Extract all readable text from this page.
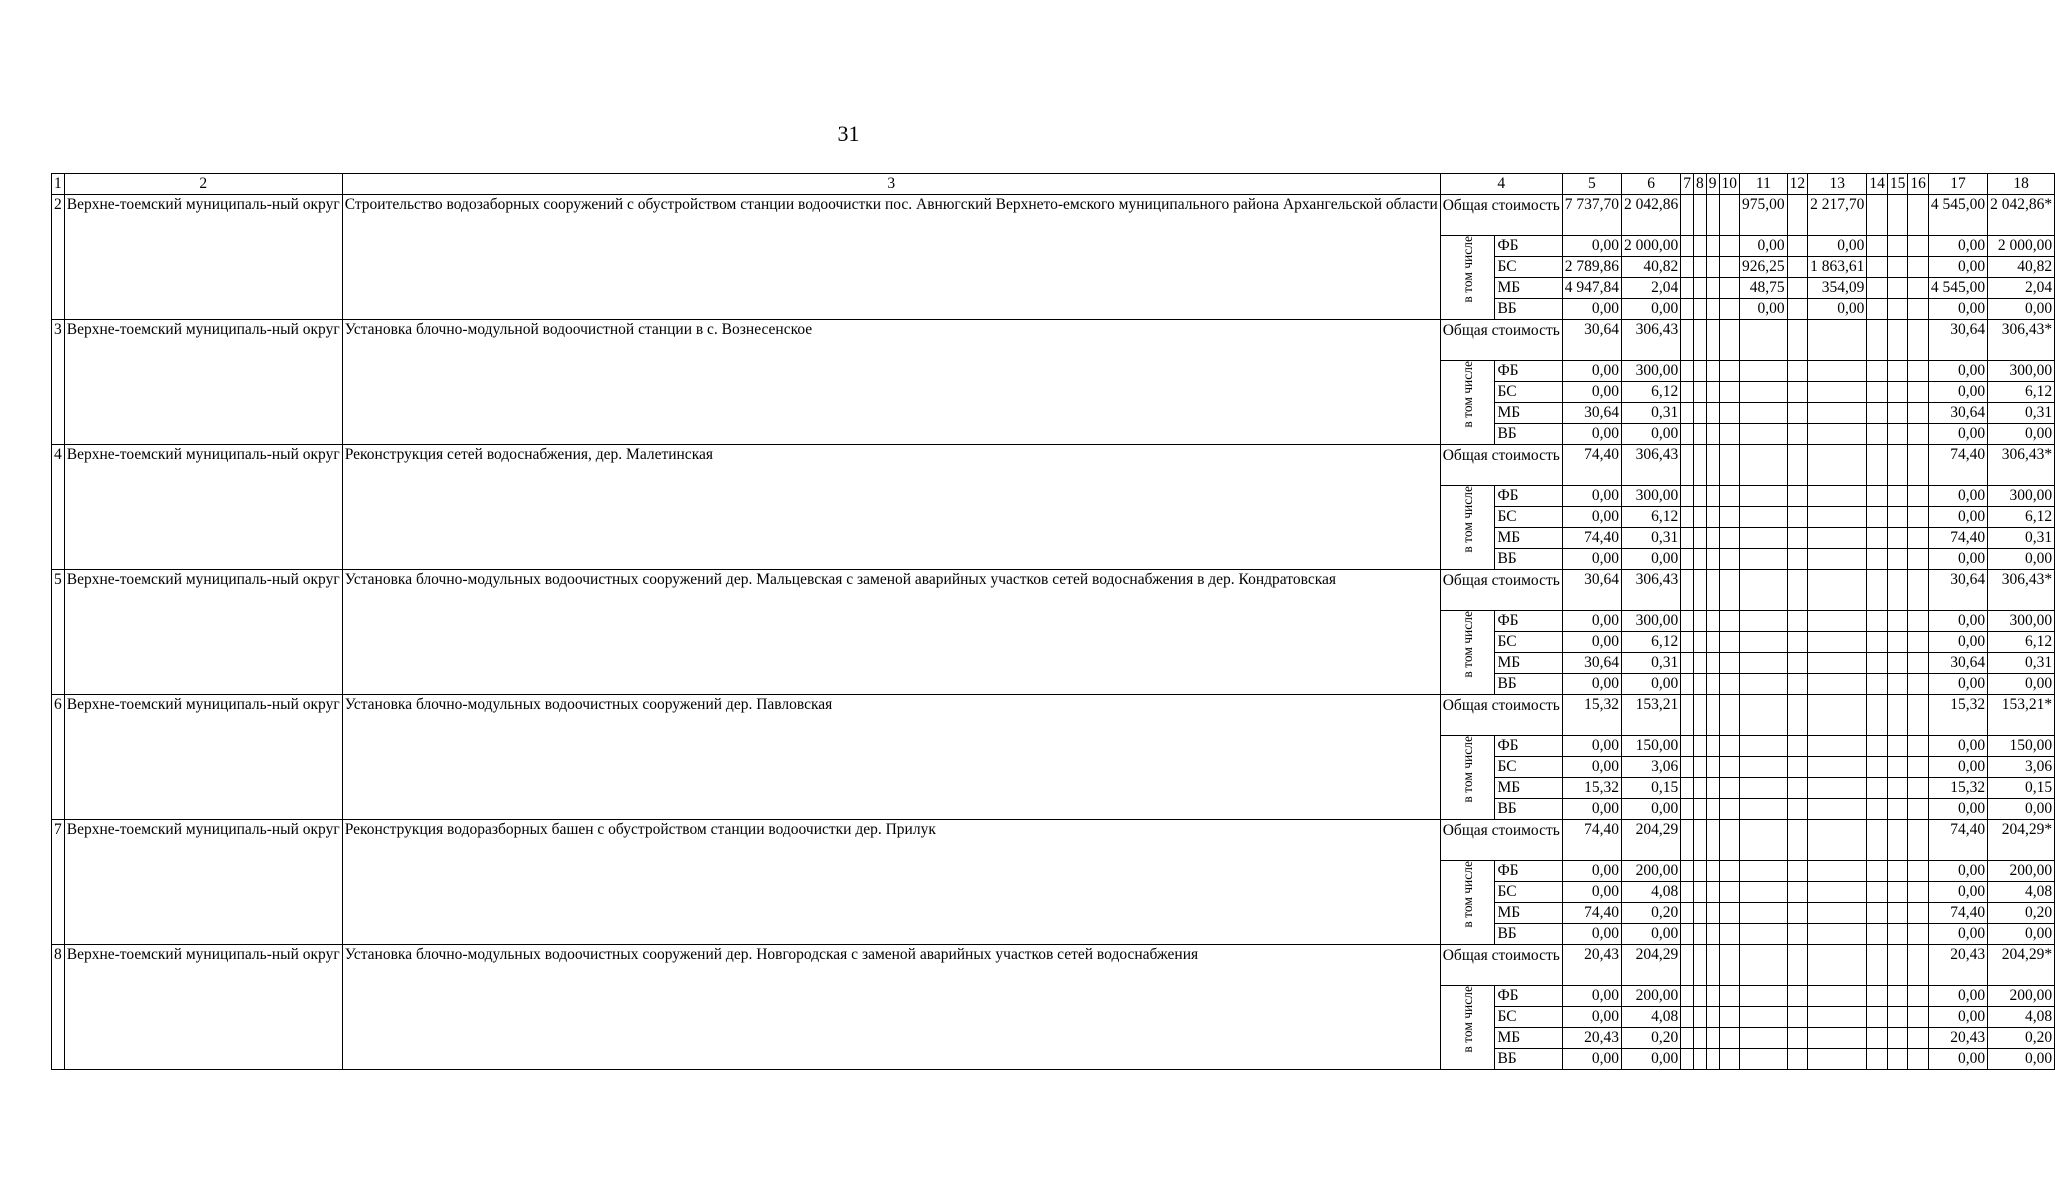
31
1	2	3	4		5	6	7	8	9	10	11	12	13	14	15	16	17	18
2	Верхне-тоемский муниципаль-ный округ	Строительство водозаборных сооружений с обустройством станции водоочистки пос. Авнюгский Верхнето-емского муниципального района Архангельской области	Общая стоимость		7 737,70	2 042,86					975,00		2 217,70				4 545,00	2 042,86*
			в том числе	ФБ	0,00	2 000,00					0,00		0,00				0,00	2 000,00
				БС	2 789,86	40,82					926,25		1 863,61				0,00	40,82
				МБ	4 947,84	2,04					48,75		354,09				4 545,00	2,04
				ВБ	0,00	0,00					0,00		0,00				0,00	0,00
3	Верхне-тоемский муниципаль-ный округ	Установка блочно-модульной водоочистной станции в с. Вознесенское	Общая стоимость		30,64	306,43											30,64	306,43*
			в том числе	ФБ	0,00	300,00											0,00	300,00
				БС	0,00	6,12											0,00	6,12
				МБ	30,64	0,31											30,64	0,31
				ВБ	0,00	0,00											0,00	0,00
4	Верхне-тоемский муниципаль-ный округ	Реконструкция сетей водоснабжения, дер. Малетинская	Общая стоимость		74,40	306,43											74,40	306,43*
			в том числе	ФБ	0,00	300,00											0,00	300,00
				БС	0,00	6,12											0,00	6,12
				МБ	74,40	0,31											74,40	0,31
				ВБ	0,00	0,00											0,00	0,00
5	Верхне-тоемский муниципаль-ный округ	Установка блочно-модульных водоочистных сооружений дер. Мальцевская с заменой аварийных участков сетей водоснабжения в дер. Кондратовская	Общая стоимость		30,64	306,43											30,64	306,43*
			в том числе	ФБ	0,00	300,00											0,00	300,00
				БС	0,00	6,12											0,00	6,12
				МБ	30,64	0,31											30,64	0,31
				ВБ	0,00	0,00											0,00	0,00
6	Верхне-тоемский муниципаль-ный округ	Установка блочно-модульных водоочистных сооружений дер. Павловская	Общая стоимость		15,32	153,21											15,32	153,21*
			в том числе	ФБ	0,00	150,00											0,00	150,00
				БС	0,00	3,06											0,00	3,06
				МБ	15,32	0,15											15,32	0,15
				ВБ	0,00	0,00											0,00	0,00
7	Верхне-тоемский муниципаль-ный округ	Реконструкция водоразборных башен с обустройством станции водоочистки дер. Прилук	Общая стоимость		74,40	204,29											74,40	204,29*
			в том числе	ФБ	0,00	200,00											0,00	200,00
				БС	0,00	4,08											0,00	4,08
				МБ	74,40	0,20											74,40	0,20
				ВБ	0,00	0,00											0,00	0,00
8	Верхне-тоемский муниципаль-ный округ	Установка блочно-модульных водоочистных сооружений дер. Новгородская с заменой аварийных участков сетей водоснабжения	Общая стоимость		20,43	204,29											20,43	204,29*
			в том числе	ФБ	0,00	200,00											0,00	200,00
				БС	0,00	4,08											0,00	4,08
				МБ	20,43	0,20											20,43	0,20
				ВБ	0,00	0,00											0,00	0,00
